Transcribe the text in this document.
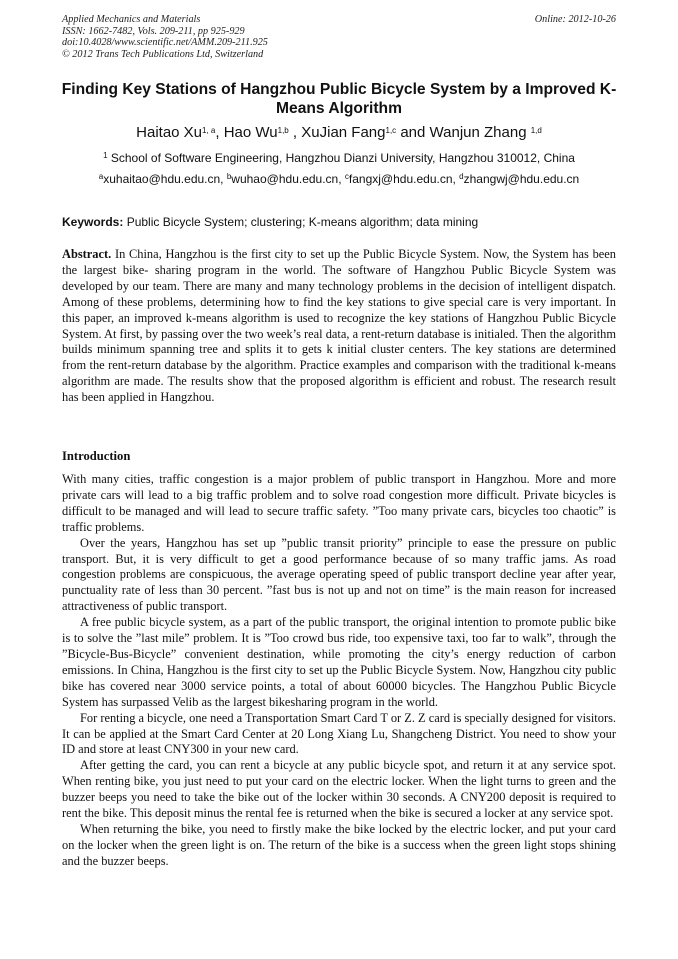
Applied Mechanics and Materials
ISSN: 1662-7482, Vols. 209-211, pp 925-929
doi:10.4028/www.scientific.net/AMM.209-211.925
© 2012 Trans Tech Publications Ltd, Switzerland
Online: 2012-10-26
Finding Key Stations of Hangzhou Public Bicycle System by a Improved K-Means Algorithm
Haitao Xu$^{1, a}$, Hao Wu$^{1,b}$ , XuJian Fang$^{1,c}$ and Wanjun Zhang $^{1,d}$
$^1$ School of Software Engineering, Hangzhou Dianzi University, Hangzhou 310012, China
$^a$xuhaitao@hdu.edu.cn, $^b$wuhao@hdu.edu.cn, $^c$fangxj@hdu.edu.cn, $^d$zhangwj@hdu.edu.cn
Keywords: Public Bicycle System; clustering; K-means algorithm; data mining
Abstract. In China, Hangzhou is the first city to set up the Public Bicycle System. Now, the System has been the largest bike- sharing program in the world. The software of Hangzhou Public Bicycle System was developed by our team. There are many and many technology problems in the decision of intelligent dispatch. Among of these problems, determining how to find the key stations to give special care is very important. In this paper, an improved k-means algorithm is used to recognize the key stations of Hangzhou Public Bicycle System. At first, by passing over the two week’s real data, a rent-return database is initialed. Then the algorithm builds minimum spanning tree and splits it to gets k initial cluster centers. The key stations are determined from the rent-return database by the algorithm. Practice examples and comparison with the traditional k-means algorithm are made. The results show that the proposed algorithm is efficient and robust. The research result has been applied in Hangzhou.
Introduction

With many cities, traffic congestion is a major problem of public transport in Hangzhou. More and more private cars will lead to a big traffic problem and to solve road congestion more difficult. Private bicycles is difficult to be managed and will lead to secure traffic safety. ”Too many private cars, bicycles too chaotic” is traffic problems.

Over the years, Hangzhou has set up ”public transit priority” principle to ease the pressure on public transport. But, it is very difficult to get a good performance because of so many traffic jams. As road congestion problems are conspicuous, the average operating speed of public transport decline year after year, punctuality rate of less than 30 percent. ”fast bus is not up and not on time” is the main reason for increased attractiveness of public transport.

A free public bicycle system, as a part of the public transport, the original intention to promote public bike is to solve the ”last mile” problem. It is ”Too crowd bus ride, too expensive taxi, too far to walk”, through the ”Bicycle-Bus-Bicycle” convenient destination, while promoting the city’s energy reduction of carbon emissions. In China, Hangzhou is the first city to set up the Public Bicycle System. Now, Hangzhou city public bike has covered near 3000 service points, a total of about 60000 bicycles. The Hangzhou Public Bicycle System has surpassed Velib as the largest bikesharing program in the world.

For renting a bicycle, one need a Transportation Smart Card T or Z. Z card is specially designed for visitors. It can be applied at the Smart Card Center at 20 Long Xiang Lu, Shangcheng District. You need to show your ID and store at least CNY300 in your new card.

After getting the card, you can rent a bicycle at any public bicycle spot, and return it at any service spot. When renting bike, you just need to put your card on the electric locker. When the light turns to green and the buzzer beeps you need to take the bike out of the locker within 30 seconds. A CNY200 deposit is required to rent the bike. This deposit minus the rental fee is returned when the bike is secured a locker at any service spot.

When returning the bike, you need to firstly make the bike locked by the electric locker, and put your card on the locker when the green light is on. The return of the bike is a success when the green light stops shining and the buzzer beeps.
